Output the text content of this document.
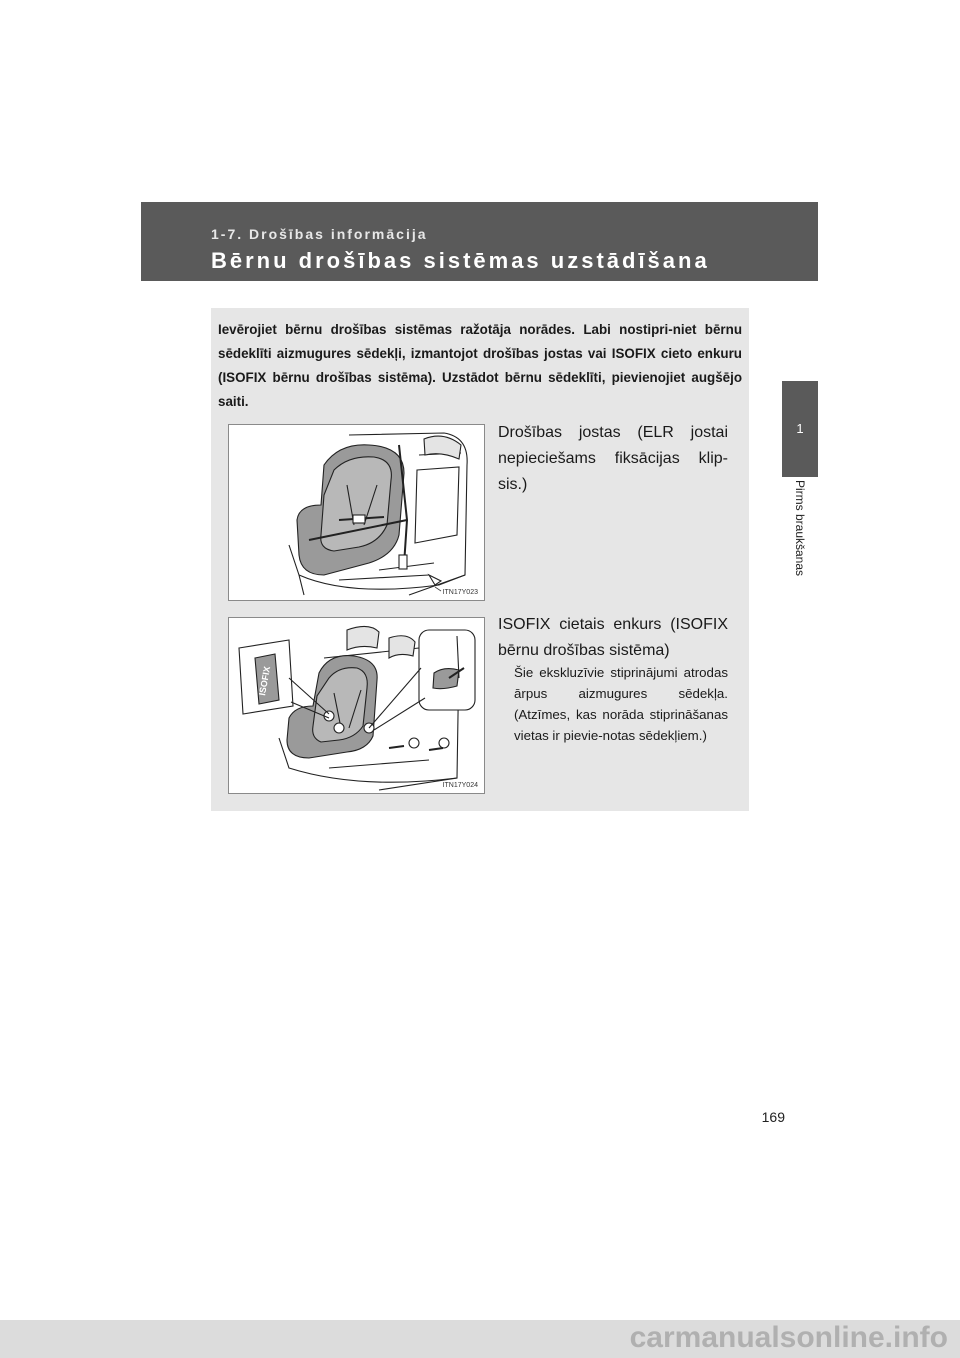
1-7. Drošības informācija
Bērnu drošības sistēmas uzstādīšana
1
Pirms braukšanas
Ievērojiet bērnu drošības sistēmas ražotāja norādes. Labi nostipri-niet bērnu sēdeklīti aizmugures sēdekļi, izmantojot drošības jostas vai ISOFIX cieto enkuru (ISOFIX bērnu drošības sistēma). Uzstādot bērnu sēdeklīti, pievienojiet augšējo saiti.
ITN17Y023
Drošības jostas (ELR jostai nepieciešams fiksācijas klip-sis.)
ISOFIX
ITN17Y024
ISOFIX cietais enkurs (ISOFIX bērnu drošības sistēma)
Šie ekskluzīvie stiprinājumi atrodas ārpus aizmugures sēdekļa. (Atzīmes, kas norāda stiprināšanas vietas ir pievie-notas sēdekļiem.)
169
carmanualsonline.info
